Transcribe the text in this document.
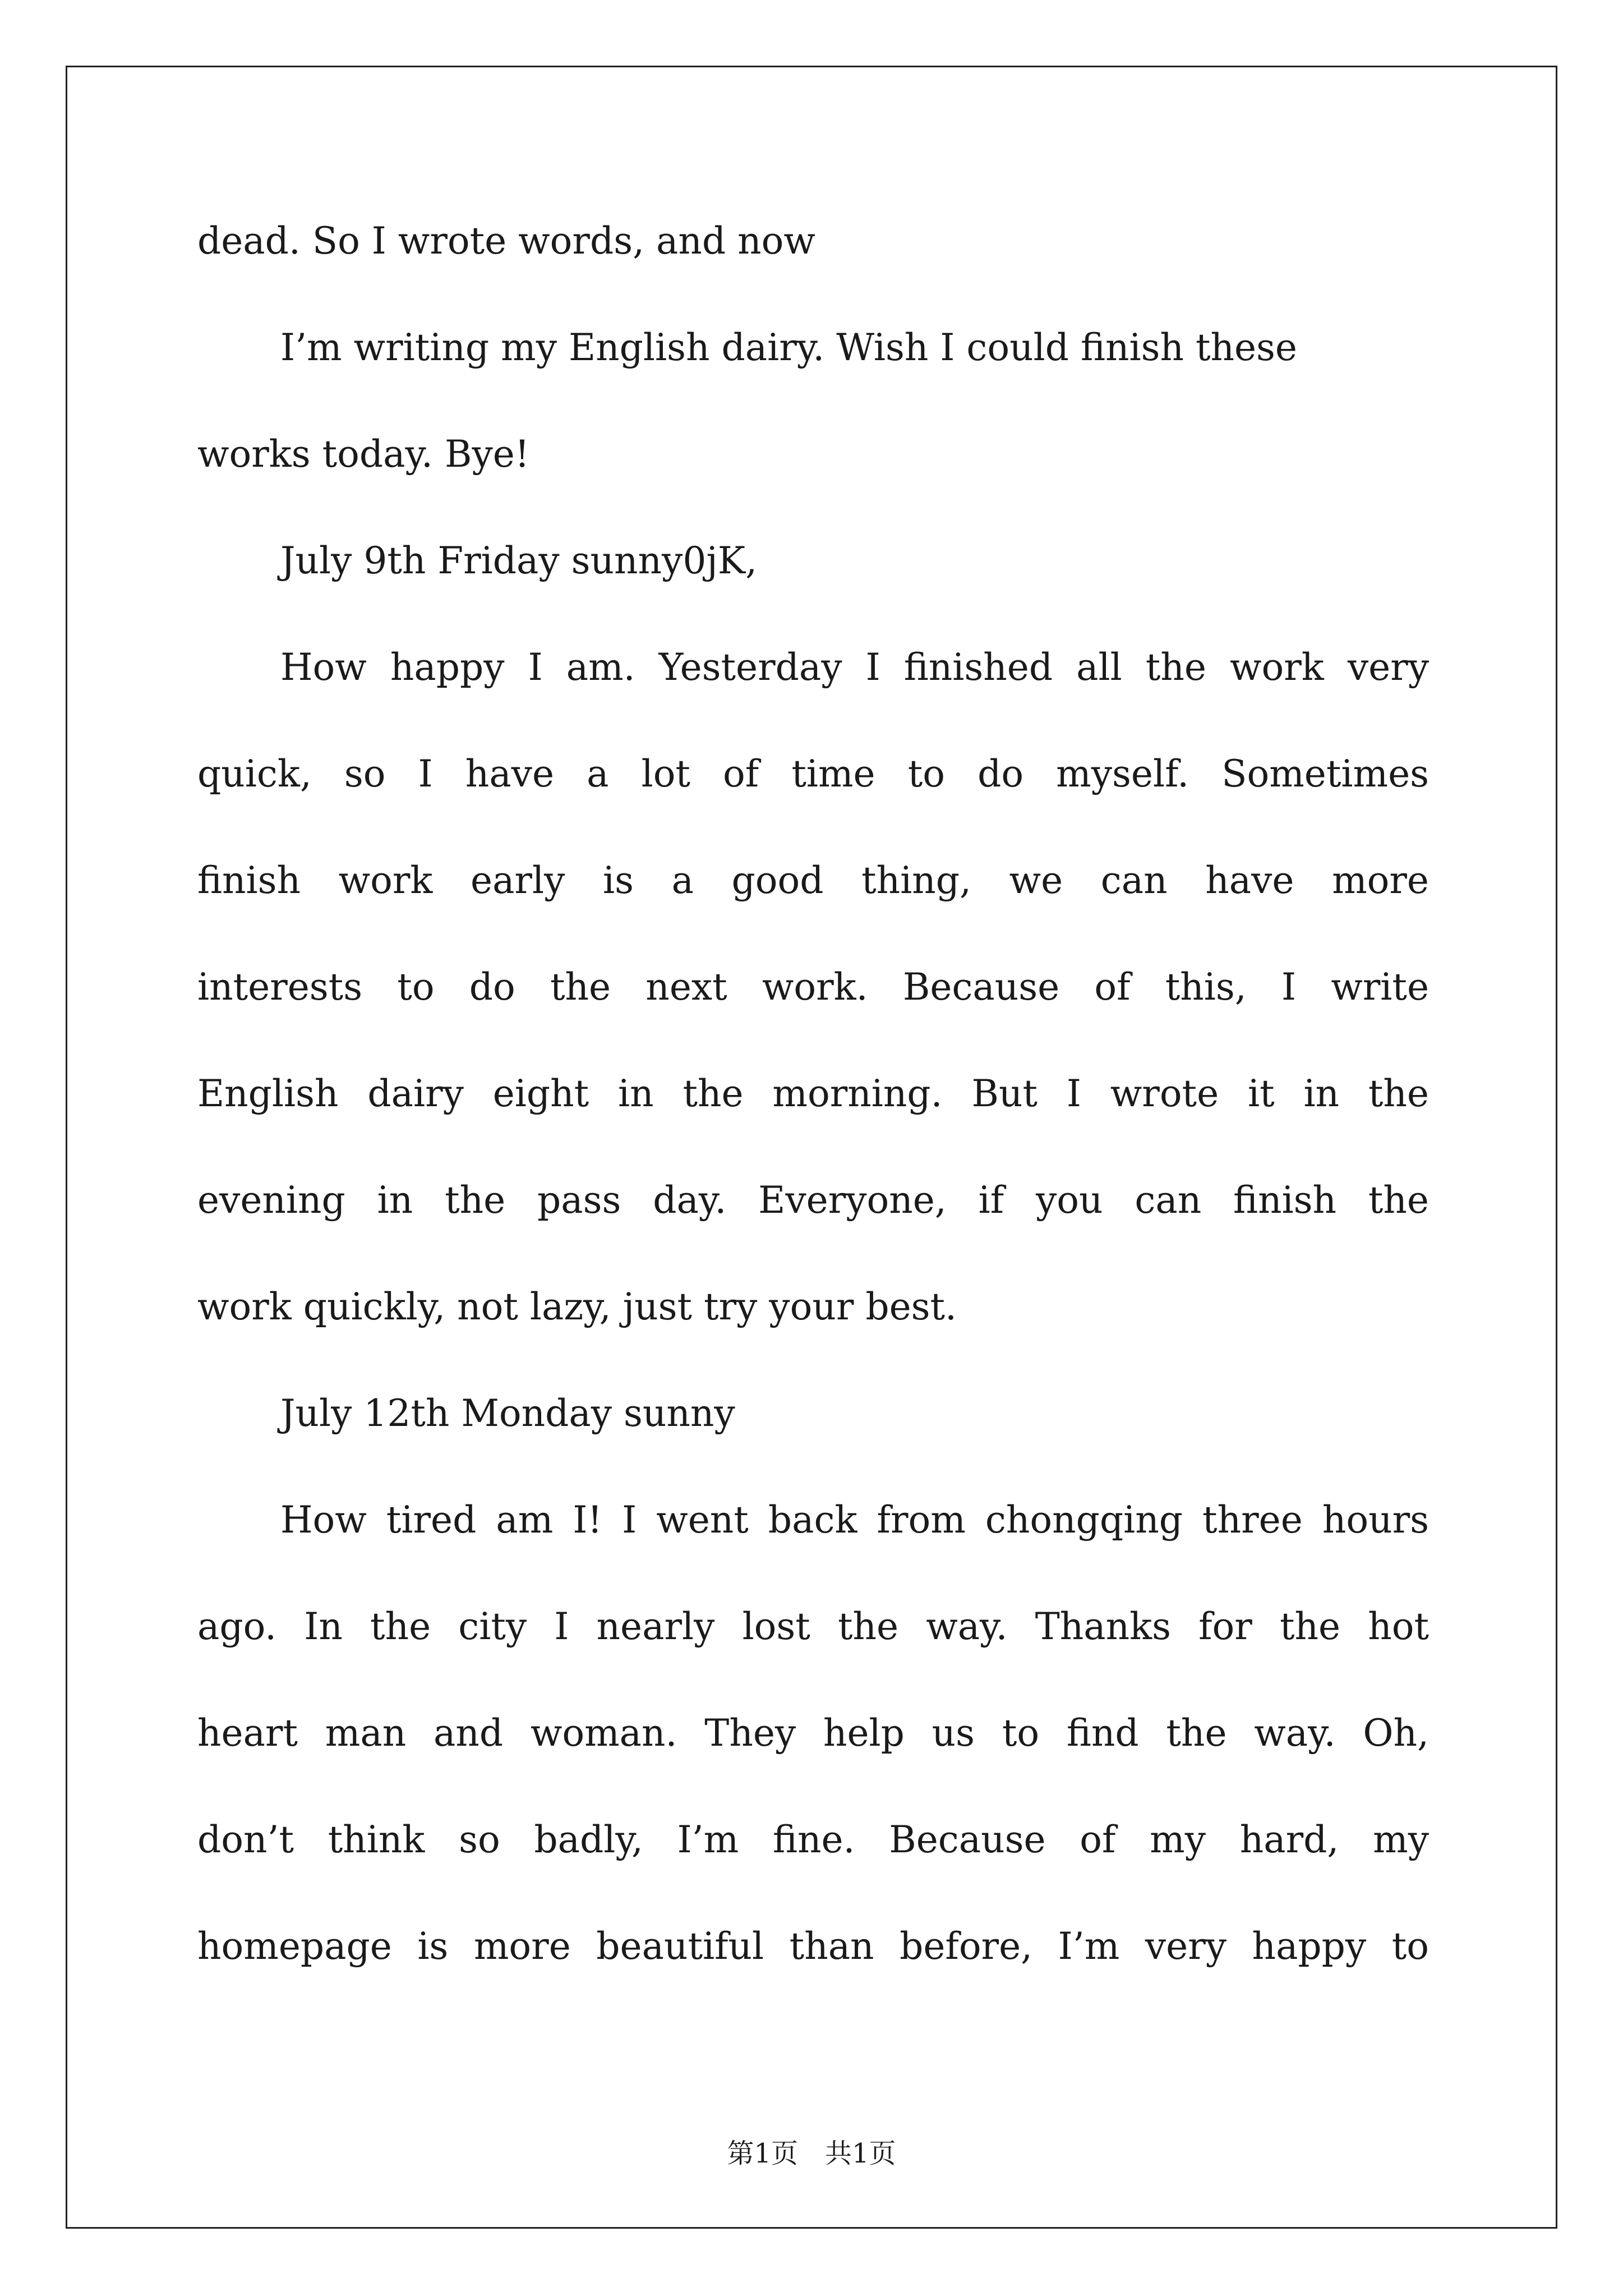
dead. So I wrote words, and now
I’m writing my English dairy. Wish I could finish these
works today. Bye!
July 9th Friday sunny0jK,
How happy I am. Yesterday I finished all the work very
quick, so I have a lot of time to do myself. Sometimes
finish work early is a good thing, we can have more
interests to do the next work. Because of this, I write
English dairy eight in the morning. But I wrote it in the
evening in the pass day. Everyone, if you can finish the
work quickly, not lazy, just try your best.
July 12th Monday sunny
How tired am I! I went back from chongqing three hours
ago. In the city I nearly lost the way. Thanks for the hot
heart man and woman. They help us to find the way. Oh,
don’t think so badly, I’m fine. Because of my hard, my
homepage is more beautiful than before, I’m very happy to
第1页　共1页
